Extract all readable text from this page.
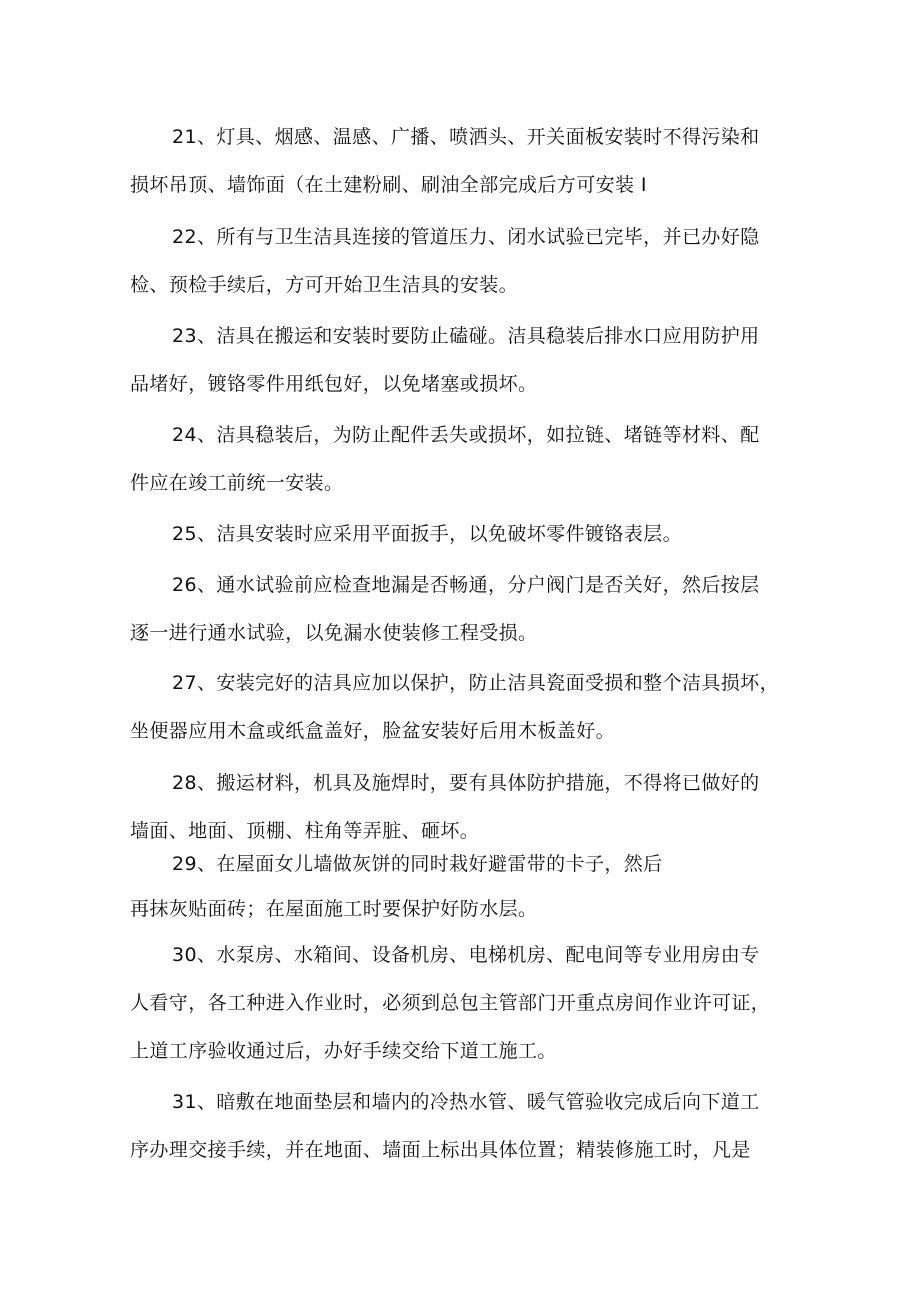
21、灯具、烟感、温感、广播、喷洒头、开关面板安装时不得污染和
损坏吊顶、墙饰面（在土建粉刷、刷油全部完成后方可安装 I
22、所有与卫生洁具连接的管道压力、闭水试验已完毕，并已办好隐
检、预检手续后，方可开始卫生洁具的安装。
23、洁具在搬运和安装时要防止磕碰。洁具稳装后排水口应用防护用
品堵好，镀铬零件用纸包好，以免堵塞或损坏。
24、洁具稳装后，为防止配件丢失或损坏，如拉链、堵链等材料、配
件应在竣工前统一安装。
25、洁具安装时应采用平面扳手，以免破坏零件镀铬表层。
26、通水试验前应检查地漏是否畅通，分户阀门是否关好，然后按层
逐一进行通水试验，以免漏水使装修工程受损。
27、安装完好的洁具应加以保护，防止洁具瓷面受损和整个洁具损坏，
坐便器应用木盒或纸盒盖好，脸盆安装好后用木板盖好。
28、搬运材料，机具及施焊时，要有具体防护措施，不得将已做好的
墙面、地面、顶棚、柱角等弄脏、砸坏。
29、在屋面女儿墙做灰饼的同时栽好避雷带的卡子，然后
再抹灰贴面砖；在屋面施工时要保护好防水层。
30、水泵房、水箱间、设备机房、电梯机房、配电间等专业用房由专
人看守，各工种进入作业时，必须到总包主管部门开重点房间作业许可证，
上道工序验收通过后，办好手续交给下道工施工。
31、暗敷在地面垫层和墙内的冷热水管、暖气管验收完成后向下道工
序办理交接手续，并在地面、墙面上标出具体位置；精装修施工时，凡是
